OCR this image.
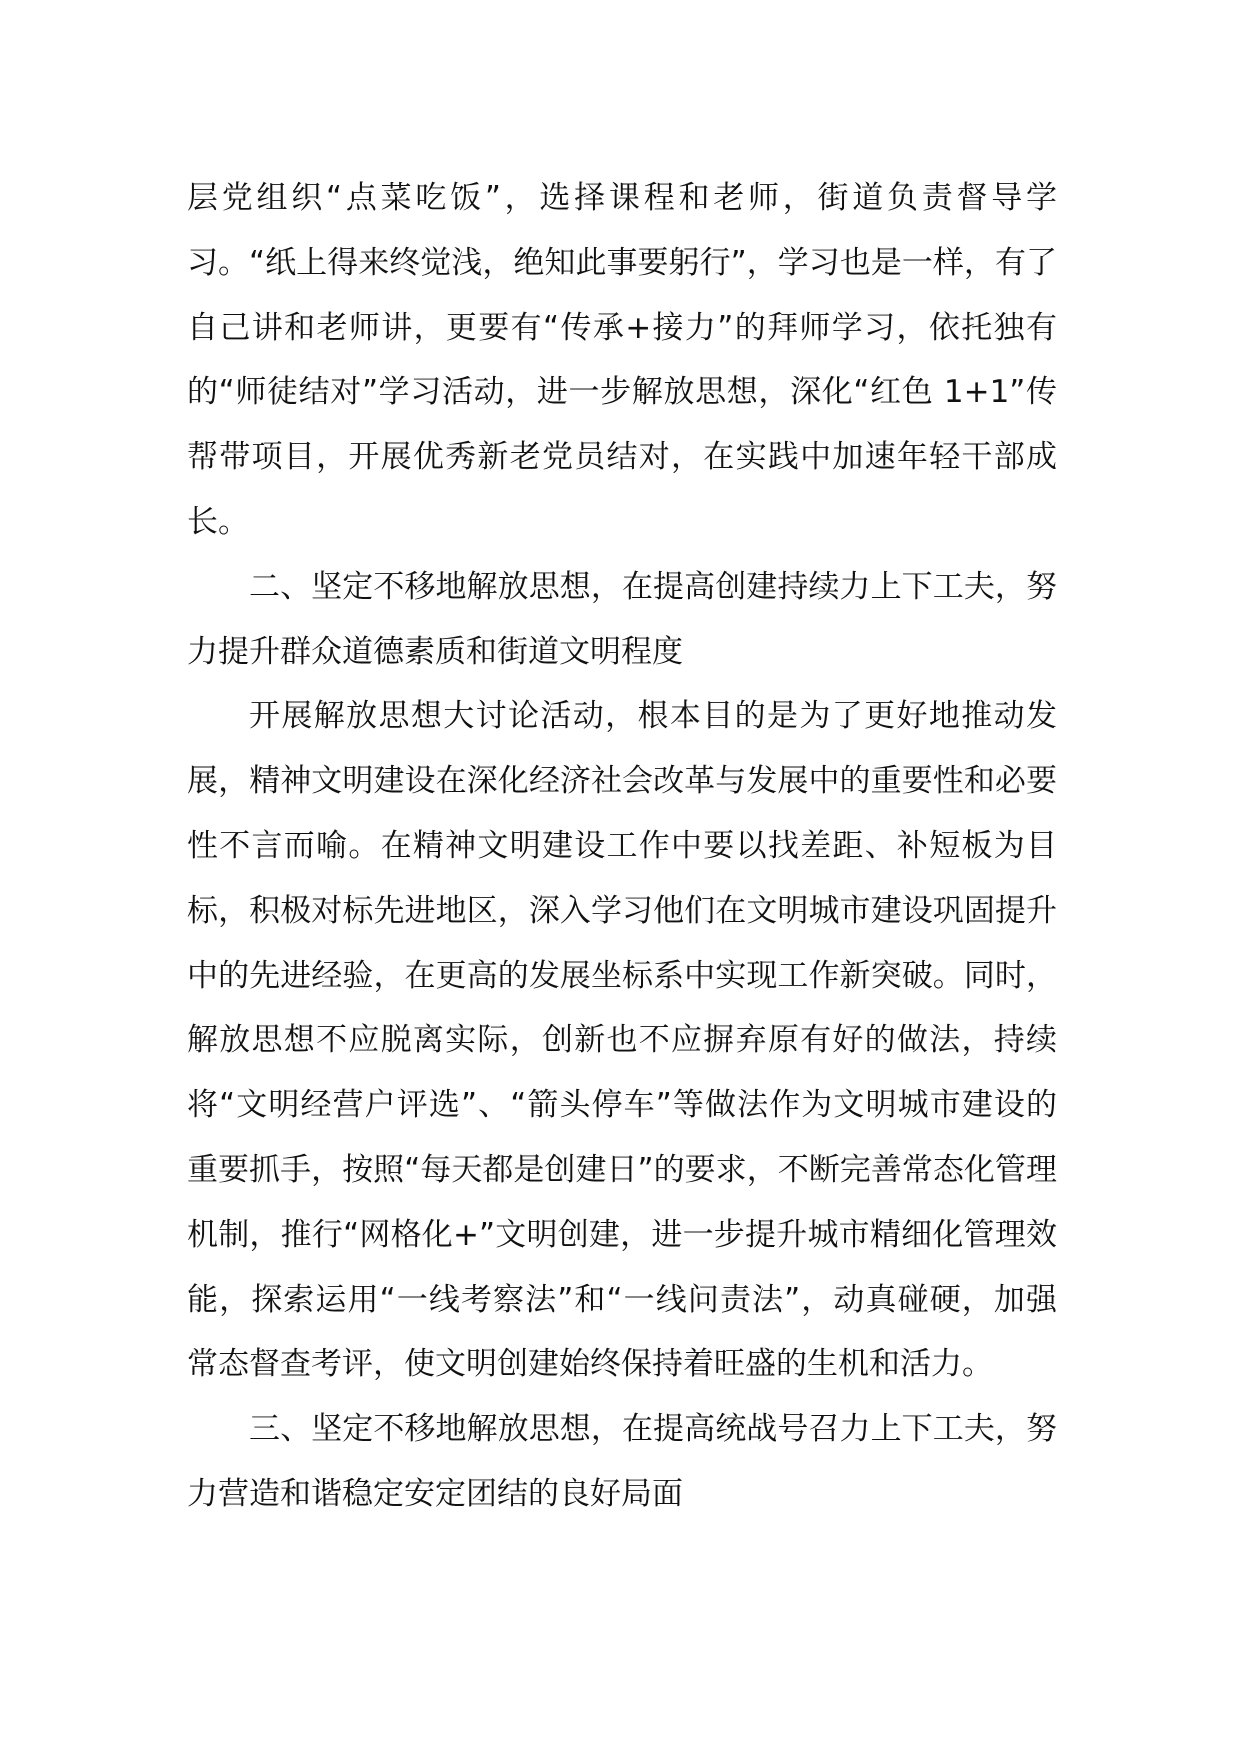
层党组织“点菜吃饭”，选择课程和老师，街道负责督导学习。“纸上得来终觉浅，绝知此事要躬行”，学习也是一样，有了自己讲和老师讲，更要有“传承+接力”的拜师学习，依托独有的“师徒结对”学习活动，进一步解放思想，深化“红色 1+1”传帮带项目，开展优秀新老党员结对，在实践中加速年轻干部成长。

二、坚定不移地解放思想，在提高创建持续力上下工夫，努力提升群众道德素质和街道文明程度

开展解放思想大讨论活动，根本目的是为了更好地推动发展，精神文明建设在深化经济社会改革与发展中的重要性和必要性不言而喻。在精神文明建设工作中要以找差距、补短板为目标，积极对标先进地区，深入学习他们在文明城市建设巩固提升中的先进经验，在更高的发展坐标系中实现工作新突破。同时，解放思想不应脱离实际，创新也不应摒弃原有好的做法，持续将“文明经营户评选”、“箭头停车”等做法作为文明城市建设的重要抓手，按照“每天都是创建日”的要求，不断完善常态化管理机制，推行“网格化+”文明创建，进一步提升城市精细化管理效能，探索运用“一线考察法”和“一线问责法”，动真碰硬，加强常态督查考评，使文明创建始终保持着旺盛的生机和活力。

三、坚定不移地解放思想，在提高统战号召力上下工夫，努力营造和谐稳定安定团结的良好局面
